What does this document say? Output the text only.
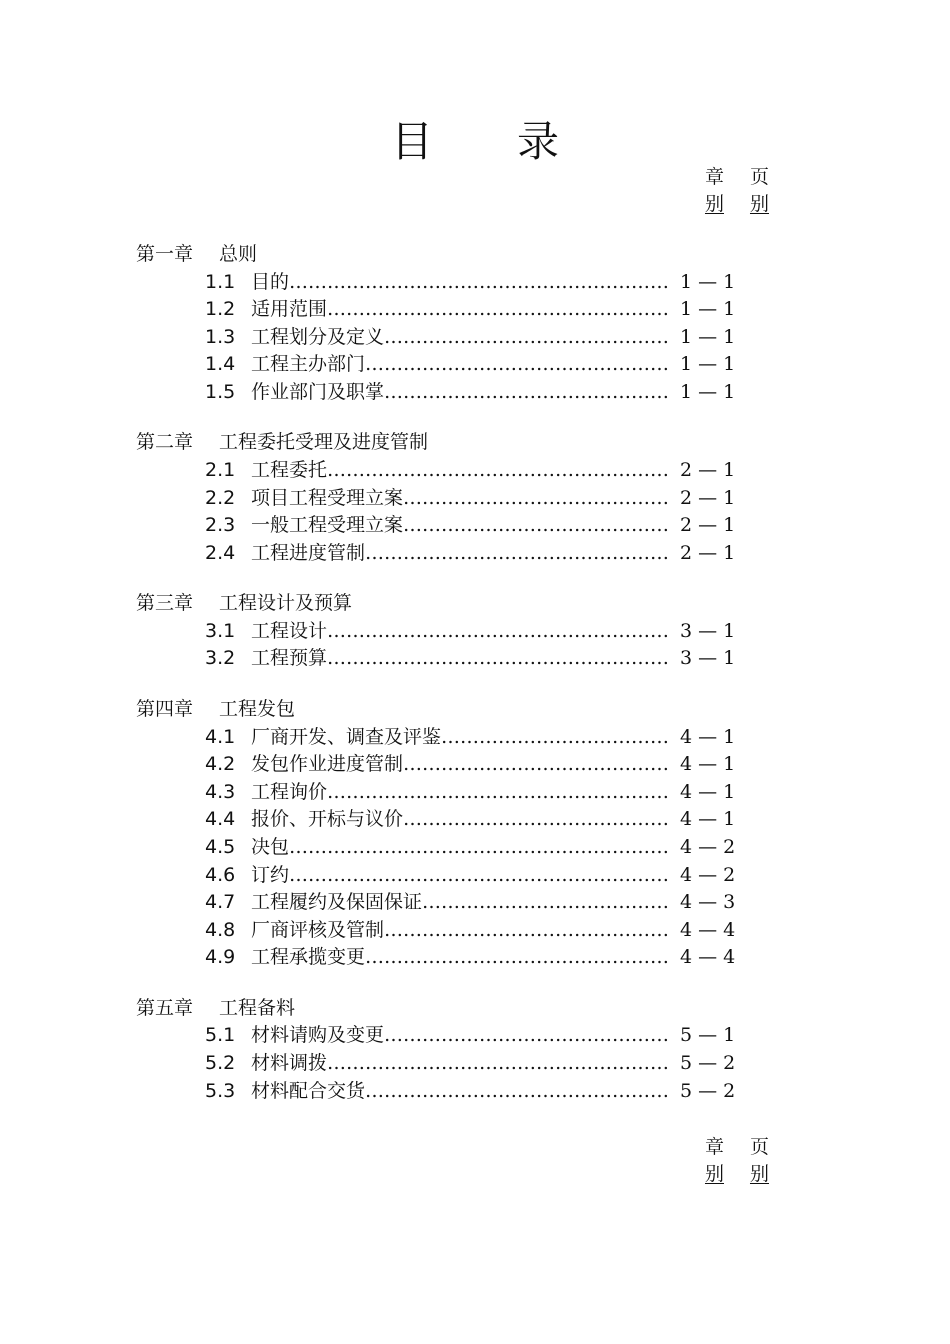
目 录
章 页
别 别
第一章 总则
1.1 目的 ……………………………………………………………………………………………………	1 — 1
1.2 适用范围 ……………………………………………………………………………………………………	1 — 1
1.3 工程划分及定义 ……………………………………………………………………………………………………	1 — 1
1.4 工程主办部门 ……………………………………………………………………………………………………	1 — 1
1.5 作业部门及职掌 ……………………………………………………………………………………………………	1 — 1
第二章 工程委托受理及进度管制
2.1 工程委托 ……………………………………………………………………………………………………	2 — 1
2.2 项目工程受理立案 ……………………………………………………………………………………………………	2 — 1
2.3 一般工程受理立案 ……………………………………………………………………………………………………	2 — 1
2.4 工程进度管制 ……………………………………………………………………………………………………	2 — 1
第三章 工程设计及预算
3.1 工程设计 ……………………………………………………………………………………………………	3 — 1
3.2 工程预算 ……………………………………………………………………………………………………	3 — 1
第四章 工程发包
4.1 厂商开发、调查及评鉴 ……………………………………………………………………………………………………	4 — 1
4.2 发包作业进度管制 ……………………………………………………………………………………………………	4 — 1
4.3 工程询价 ……………………………………………………………………………………………………	4 — 1
4.4 报价、开标与议价 ……………………………………………………………………………………………………	4 — 1
4.5 决包 ……………………………………………………………………………………………………	4 — 2
4.6 订约 ……………………………………………………………………………………………………	4 — 2
4.7 工程履约及保固保证 ……………………………………………………………………………………………………	4 — 3
4.8 厂商评核及管制 ……………………………………………………………………………………………………	4 — 4
4.9 工程承揽变更 ……………………………………………………………………………………………………	4 — 4
第五章 工程备料
5.1 材料请购及变更 ……………………………………………………………………………………………………	5 — 1
5.2 材料调拨 ……………………………………………………………………………………………………	5 — 2
5.3 材料配合交货 ……………………………………………………………………………………………………	5 — 2
章 页
别 别
